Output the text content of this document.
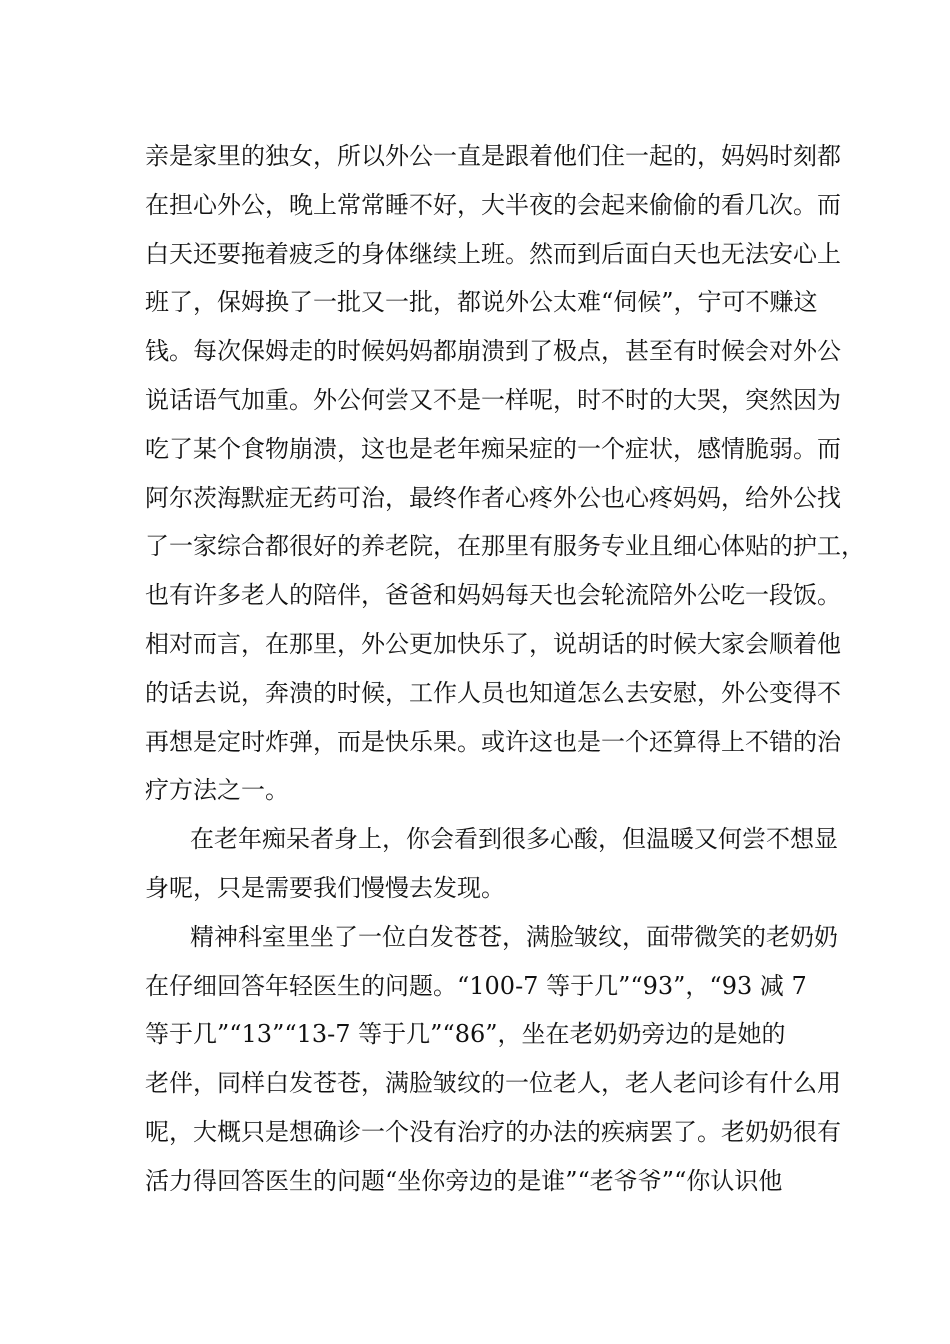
亲是家里的独女，所以外公一直是跟着他们住一起的，妈妈时刻都
在担心外公，晚上常常睡不好，大半夜的会起来偷偷的看几次。而
白天还要拖着疲乏的身体继续上班。然而到后面白天也无法安心上
班了，保姆换了一批又一批，都说外公太难“伺候”，宁可不赚这
钱。每次保姆走的时候妈妈都崩溃到了极点，甚至有时候会对外公
说话语气加重。外公何尝又不是一样呢，时不时的大哭，突然因为
吃了某个食物崩溃，这也是老年痴呆症的一个症状，感情脆弱。而
阿尔茨海默症无药可治，最终作者心疼外公也心疼妈妈，给外公找
了一家综合都很好的养老院，在那里有服务专业且细心体贴的护工，
也有许多老人的陪伴，爸爸和妈妈每天也会轮流陪外公吃一段饭。
相对而言，在那里，外公更加快乐了，说胡话的时候大家会顺着他
的话去说，奔溃的时候，工作人员也知道怎么去安慰，外公变得不
再想是定时炸弹，而是快乐果。或许这也是一个还算得上不错的治
疗方法之一。
在老年痴呆者身上，你会看到很多心酸，但温暖又何尝不想显
身呢，只是需要我们慢慢去发现。
精神科室里坐了一位白发苍苍，满脸皱纹，面带微笑的老奶奶
在仔细回答年轻医生的问题。“100-7 等于几”“93”，“93 减 7
等于几”“13”“13-7 等于几”“86”，坐在老奶奶旁边的是她的
老伴，同样白发苍苍，满脸皱纹的一位老人，老人老问诊有什么用
呢，大概只是想确诊一个没有治疗的办法的疾病罢了。老奶奶很有
活力得回答医生的问题“坐你旁边的是谁”“老爷爷”“你认识他
